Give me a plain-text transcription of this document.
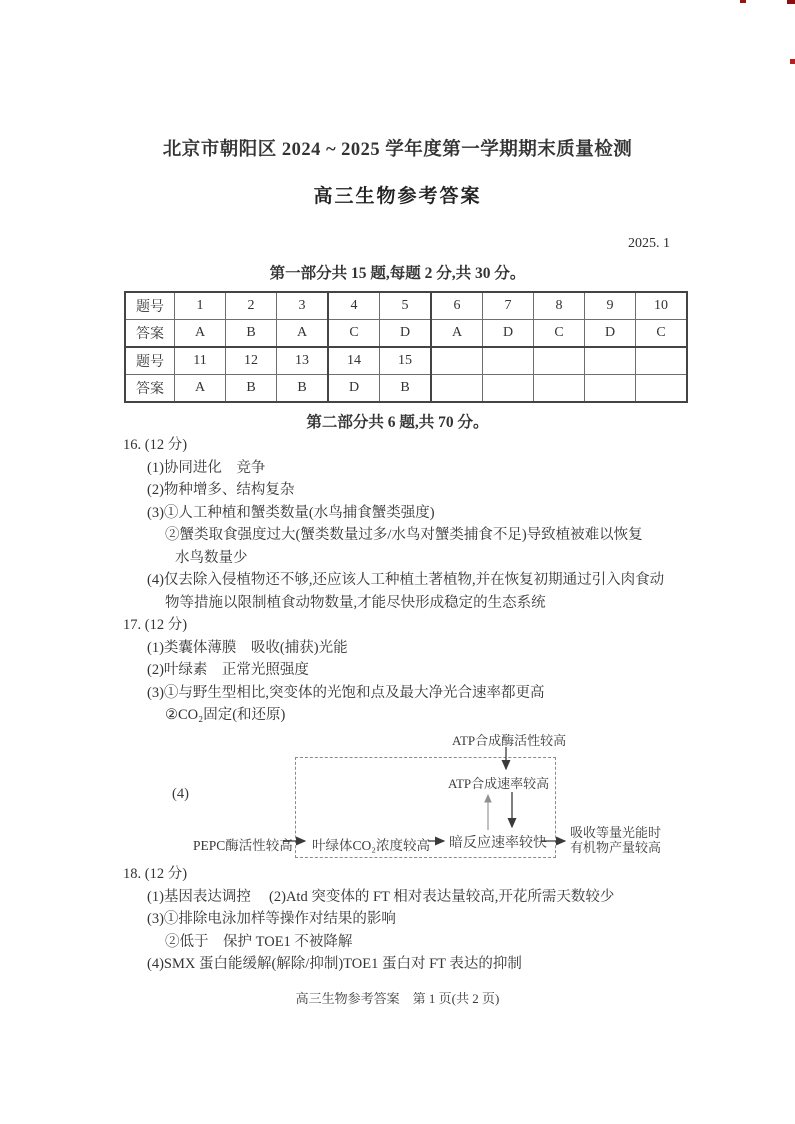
北京市朝阳区 2024 ~ 2025 学年度第一学期期末质量检测
高三生物参考答案
2025. 1
第一部分共 15 题,每题 2 分,共 30 分。
题号	1	2	3	4	5	6	7	8	9	10
答案	A	B	A	C	D	A	D	C	D	C
题号	11	12	13	14	15					
答案	A	B	B	D	B					
第二部分共 6 题,共 70 分。
16. (12 分)
(1)协同进化　竞争
(2)物种增多、结构复杂
(3)①人工种植和蟹类数量(水鸟捕食蟹类强度)
②蟹类取食强度过大(蟹类数量过多/水鸟对蟹类捕食不足)导致植被难以恢复
水鸟数量少
(4)仅去除入侵植物还不够,还应该人工种植土著植物,并在恢复初期通过引入肉食动
物等措施以限制植食动物数量,才能尽快形成稳定的生态系统
17. (12 分)
(1)类囊体薄膜　吸收(捕获)光能
(2)叶绿素　正常光照强度
(3)①与野生型相比,突变体的光饱和点及最大净光合速率都更高
②CO₂固定(和还原)
(4)
ATP合成酶活性较高
ATP合成速率较高
PEPC酶活性较高 叶绿体CO₂浓度较高 暗反应速率较快
吸收等量光能时
有机物产量较高
18. (12 分)
(1)基因表达调控　 (2)Atd 突变体的 FT 相对表达量较高,开花所需天数较少
(3)①排除电泳加样等操作对结果的影响
②低于　保护 TOE1 不被降解
(4)SMX 蛋白能缓解(解除/抑制)TOE1 蛋白对 FT 表达的抑制
高三生物参考答案　第 1 页(共 2 页)
